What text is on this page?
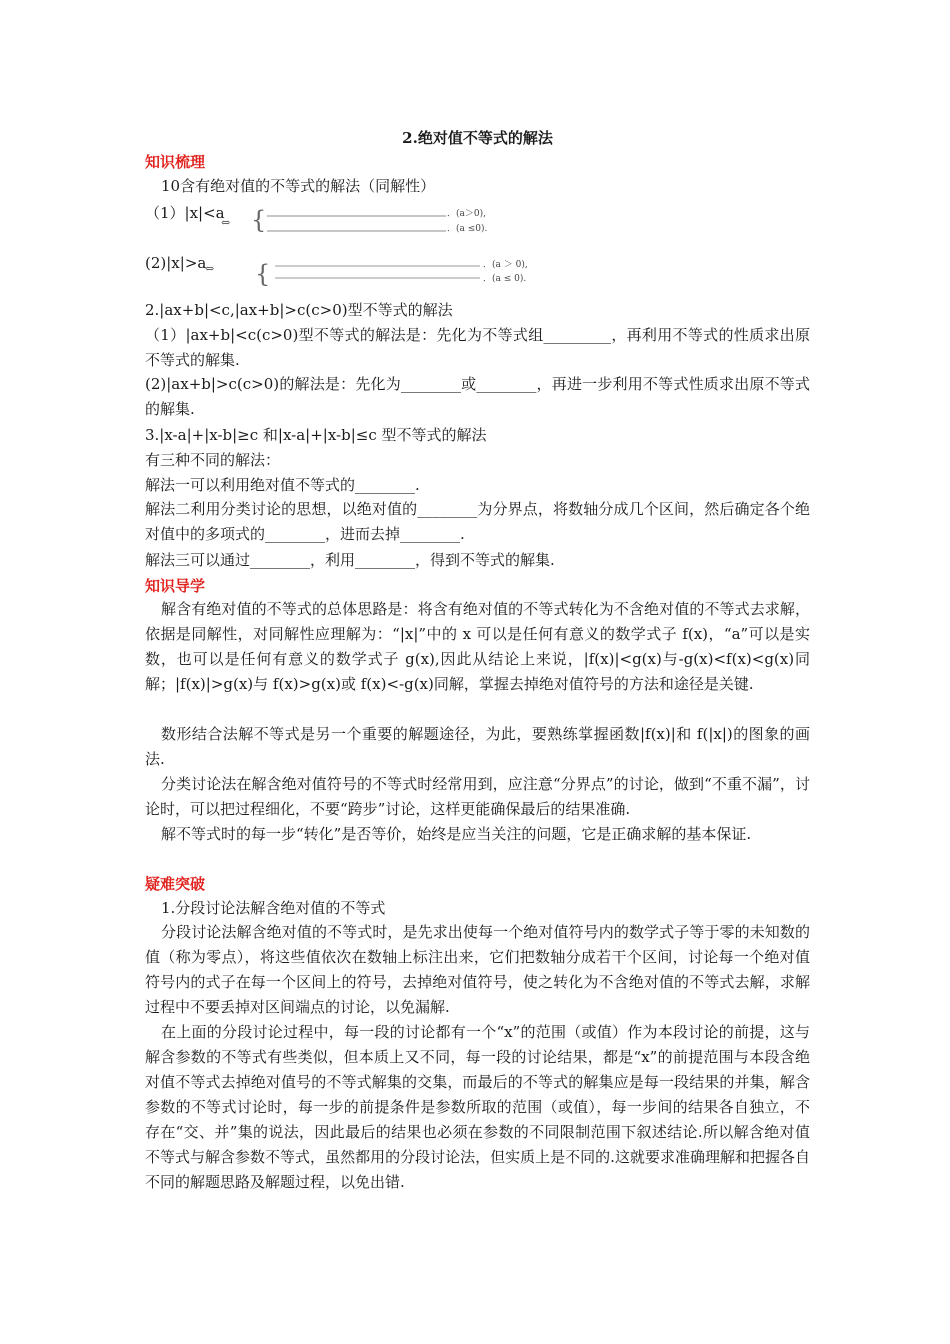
2.绝对值不等式的解法
知识梳理
10含有绝对值的不等式的解法（同解性）
（1）|x|<a
⇔ {	．(a＞0),
．(a ≤0).
(2)|x|>a
⇔ {	．(a ＞ 0),
．(a ≤ 0).
2.|ax+b|<c,|ax+b|>c(c>0)型不等式的解法
（1）|ax+b|<c(c>0)型不等式的解法是：先化为不等式组_________，再利用不等式的性质求出原不等式的解集.
(2)|ax+b|>c(c>0)的解法是：先化为________或________，再进一步利用不等式性质求出原不等式的解集.
3.|x-a|+|x-b|≥c 和|x-a|+|x-b|≤c 型不等式的解法
有三种不同的解法：
解法一可以利用绝对值不等式的________.
解法二利用分类讨论的思想，以绝对值的________为分界点，将数轴分成几个区间，然后确定各个绝对值中的多项式的________，进而去掉________.
解法三可以通过________，利用________，得到不等式的解集.
知识导学
解含有绝对值的不等式的总体思路是：将含有绝对值的不等式转化为不含绝对值的不等式去求解，依据是同解性，对同解性应理解为：“|x|”中的 x 可以是任何有意义的数学式子 f(x)，“a”可以是实数，也可以是任何有意义的数学式子 g(x),因此从结论上来说，|f(x)|<g(x)与-g(x)<f(x)<g(x)同解；|f(x)|>g(x)与 f(x)>g(x)或 f(x)<-g(x)同解，掌握去掉绝对值符号的方法和途径是关键.
数形结合法解不等式是另一个重要的解题途径，为此，要熟练掌握函数|f(x)|和 f(|x|)的图象的画法.
分类讨论法在解含绝对值符号的不等式时经常用到，应注意“分界点”的讨论，做到“不重不漏”，讨论时，可以把过程细化，不要“跨步”讨论，这样更能确保最后的结果准确.
解不等式时的每一步“转化”是否等价，始终是应当关注的问题，它是正确求解的基本保证.
疑难突破
1.分段讨论法解含绝对值的不等式
分段讨论法解含绝对值的不等式时，是先求出使每一个绝对值符号内的数学式子等于零的未知数的值（称为零点），将这些值依次在数轴上标注出来，它们把数轴分成若干个区间，讨论每一个绝对值符号内的式子在每一个区间上的符号，去掉绝对值符号，使之转化为不含绝对值的不等式去解，求解过程中不要丢掉对区间端点的讨论，以免漏解.
在上面的分段讨论过程中，每一段的讨论都有一个“x”的范围（或值）作为本段讨论的前提，这与解含参数的不等式有些类似，但本质上又不同，每一段的讨论结果，都是“x”的前提范围与本段含绝对值不等式去掉绝对值号的不等式解集的交集，而最后的不等式的解集应是每一段结果的并集，解含参数的不等式讨论时，每一步的前提条件是参数所取的范围（或值），每一步间的结果各自独立，不存在“交、并”集的说法，因此最后的结果也必须在参数的不同限制范围下叙述结论.所以解含绝对值不等式与解含参数不等式，虽然都用的分段讨论法，但实质上是不同的.这就要求准确理解和把握各自不同的解题思路及解题过程，以免出错.
